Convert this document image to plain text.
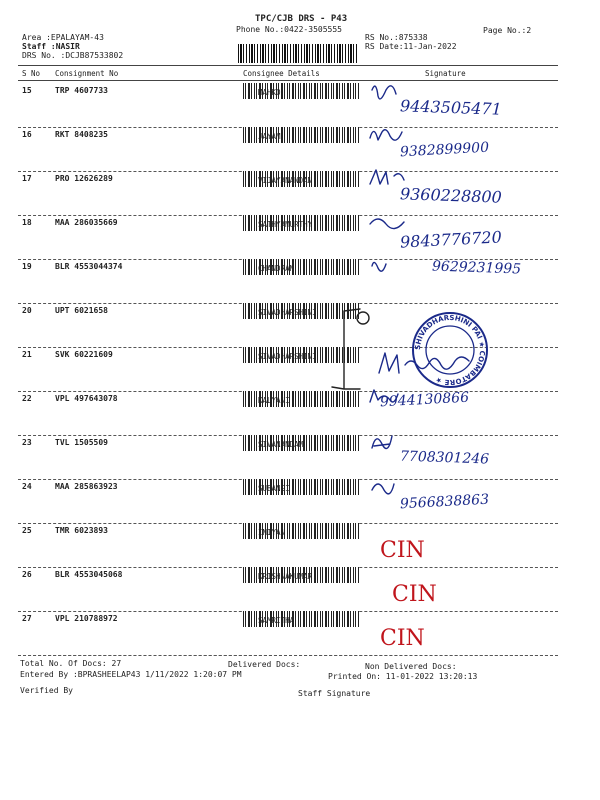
TPC/CJB DRS - P43
Phone No.:0422-3505555	Page No.:2
Area :EPALAYAM-43
Staff :NASIR
DRS No. :DCJB87533802
RS No.:875338
RS Date:11-Jan-2022
S No Consignment No	Consignee Details	Signature
15	TRP 4607733	MAHKO
9443505471
16	RKT 8408235	JAYAM
9382899900
17	PRO 12626289	VIJAYANANDAN
9360228800
18	MAA 286035669	SATHYAMURTHY
9843776720
19	BLR 4553044374	CHANDRAN	9629231995
20	UPT 6021658	SIVADHARSHINI
21	SVK 60221609	SIVADHARSHINI
22	VPL 497643078	KALYANI	9944130866
23	TVL 1505509	SIVANANDAM
7708301246
24	MAA 285863923	SUBANGI
9566838863
25	TMR 6023893	INIYAN
CIN
26	BLR 4553045068	KRISHNAKUMAR
CIN
27	VPL 210788972	SAMRITHA
CIN
SHIVADHARSHINI PAI ★ COIMBATORE ★
Total No. Of Docs: 27	Delivered Docs:	Non Delivered Docs:
Entered By :BPRASHEELAP43 1/11/2022 1:20:07 PM	Printed On: 11-01-2022 13:20:13
Verified By	Staff Signature
